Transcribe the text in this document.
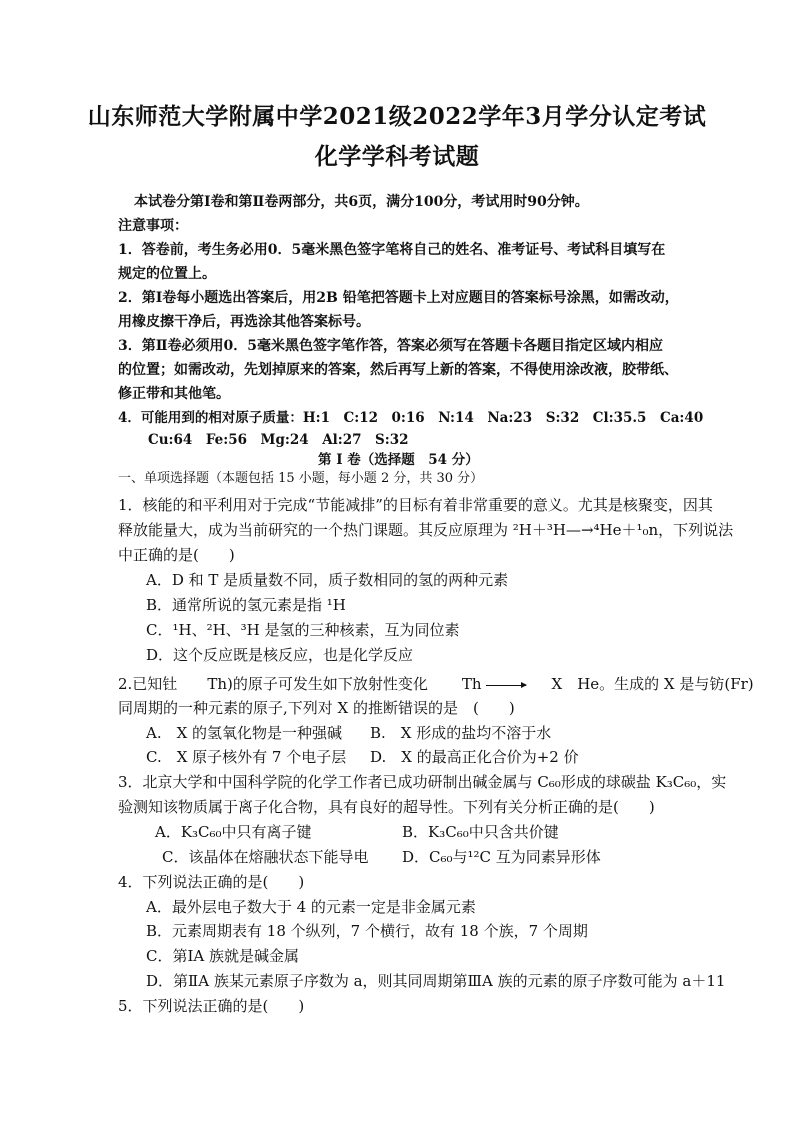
山东师范大学附属中学2021级2022学年3月学分认定考试
化学学科考试题
本试卷分第Ⅰ卷和第Ⅱ卷两部分，共6页，满分100分，考试用时90分钟。
注意事项：
1．答卷前，考生务必用0．5毫米黑色签字笔将自己的姓名、准考证号、考试科目填写在
规定的位置上。
2．第Ⅰ卷每小题选出答案后，用2B 铅笔把答题卡上对应题目的答案标号涂黑，如需改动，
用橡皮擦干净后，再选涂其他答案标号。
3．第Ⅱ卷必须用0．5毫米黑色签字笔作答，答案必须写在答题卡各题目指定区域内相应
的位置；如需改动，先划掉原来的答案，然后再写上新的答案，不得使用涂改液，胶带纸、
修正带和其他笔。
4．可能用到的相对原子质量：H:1　C:12　0:16　N:14　Na:23　S:32　Cl:35.5　Ca:40
Cu:64　Fe:56　Mg:24　Al:27　S:32
第 Ⅰ 卷（选择题　54 分）
一、单项选择题（本题包括 15 小题，每小题 2 分，共 30 分）
1．核能的和平利用对于完成“节能减排”的目标有着非常重要的意义。尤其是核聚变，因其
释放能量大，成为当前研究的一个热门课题。其反应原理为 ²H＋³H—→⁴He＋¹₀n，下列说法
中正确的是(　　)
A．D 和 T 是质量数不同，质子数相同的氢的两种元素
B．通常所说的氢元素是指 ¹H
C．¹H、²H、³H 是氢的三种核素，互为同位素
D．这个反应既是核反应，也是化学反应
2.已知钍 Th)的原子可发生如下放射性变化 Th	X　He。生成的 X 是与钫(Fr)
同周期的一种元素的原子,下列对 X 的推断错误的是　(　　)
A.　X 的氢氧化物是一种强碱 B.　X 形成的盐均不溶于水
C.　X 原子核外有 7 个电子层 D.　X 的最高正化合价为+2 价
3．北京大学和中国科学院的化学工作者已成功研制出碱金属与 C₆₀形成的球碳盐 K₃C₆₀，实
验测知该物质属于离子化合物，具有良好的超导性。下列有关分析正确的是(　　)
A．K₃C₆₀中只有离子键	B．K₃C₆₀中只含共价键
C．该晶体在熔融状态下能导电 D．C₆₀与¹²C 互为同素异形体
4．下列说法正确的是(　　)
A．最外层电子数大于 4 的元素一定是非金属元素
B．元素周期表有 18 个纵列，7 个横行，故有 18 个族，7 个周期
C．第ⅠA 族就是碱金属
D．第ⅡA 族某元素原子序数为 a，则其同周期第ⅢA 族的元素的原子序数可能为 a＋11
5．下列说法正确的是(　　)
